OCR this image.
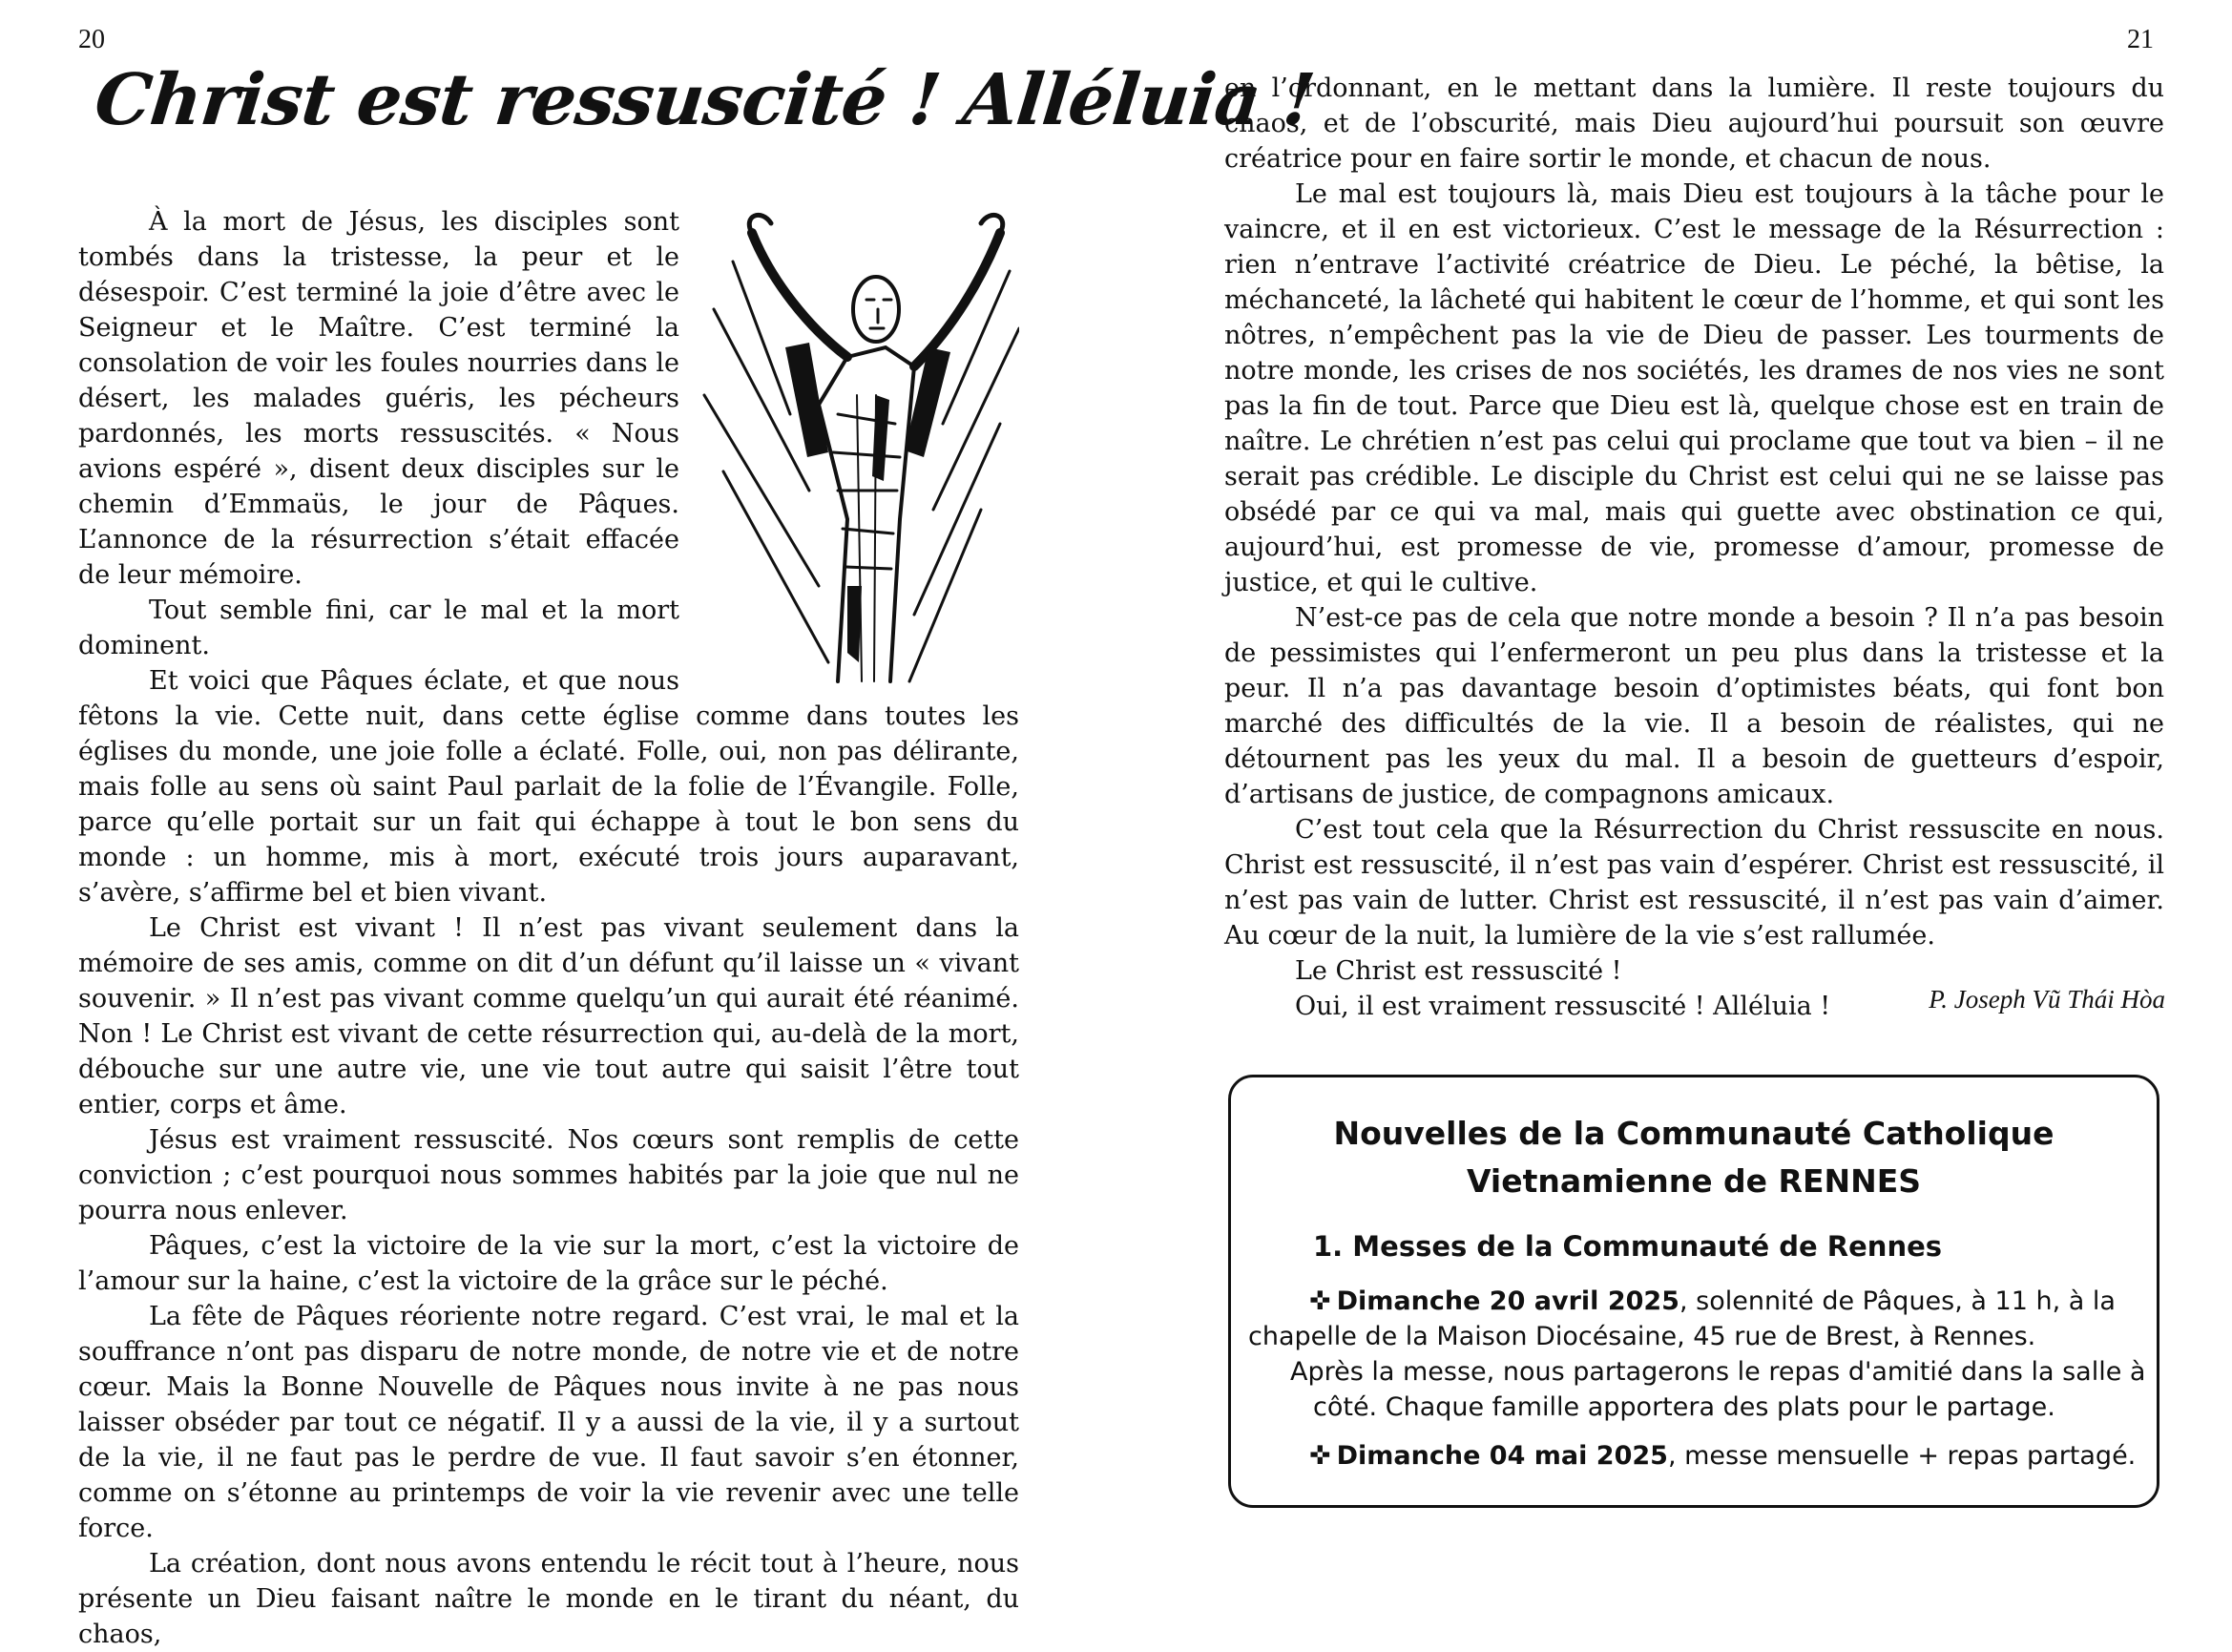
20
Christ est ressuscité ! Alléluia !

À la mort de Jésus, les disciples sont tombés dans la tristesse, la peur et le désespoir. C’est terminé la joie d’être avec le Seigneur et le Maître. C’est terminé la consolation de voir les foules nourries dans le désert, les malades guéris, les pécheurs pardonnés, les morts ressuscités. « Nous avions espéré », disent deux disciples sur le chemin d’Emmaüs, le jour de Pâques. L’annonce de la résurrection s’était effacée de leur mémoire.

Tout semble fini, car le mal et la mort dominent.

Et voici que Pâques éclate, et que nous fêtons la vie. Cette nuit, dans cette église comme dans toutes les églises du monde, une joie folle a éclaté. Folle, oui, non pas délirante, mais folle au sens où saint Paul parlait de la folie de l’Évangile. Folle, parce qu’elle portait sur un fait qui échappe à tout le bon sens du monde : un homme, mis à mort, exécuté trois jours auparavant, s’avère, s’affirme bel et bien vivant.

Le Christ est vivant ! Il n’est pas vivant seulement dans la mémoire de ses amis, comme on dit d’un défunt qu’il laisse un « vivant souvenir. » Il n’est pas vivant comme quelqu’un qui aurait été réanimé. Non ! Le Christ est vivant de cette résurrection qui, au-delà de la mort, débouche sur une autre vie, une vie tout autre qui saisit l’être tout entier, corps et âme.

Jésus est vraiment ressuscité. Nos cœurs sont remplis de cette conviction ; c’est pourquoi nous sommes habités par la joie que nul ne pourra nous enlever.

Pâques, c’est la victoire de la vie sur la mort, c’est la victoire de l’amour sur la haine, c’est la victoire de la grâce sur le péché.

La fête de Pâques réoriente notre regard. C’est vrai, le mal et la souffrance n’ont pas disparu de notre monde, de notre vie et de notre cœur. Mais la Bonne Nouvelle de Pâques nous invite à ne pas nous laisser obséder par tout ce négatif. Il y a aussi de la vie, il y a surtout de la vie, il ne faut pas le perdre de vue. Il faut savoir s’en étonner, comme on s’étonne au printemps de voir la vie revenir avec une telle force.

La création, dont nous avons entendu le récit tout à l’heure, nous présente un Dieu faisant naître le monde en le tirant du néant, du chaos,

21

en l’ordonnant, en le mettant dans la lumière. Il reste toujours du chaos, et de l’obscurité, mais Dieu aujourd’hui poursuit son œuvre créatrice pour en faire sortir le monde, et chacun de nous.

Le mal est toujours là, mais Dieu est toujours à la tâche pour le vaincre, et il en est victorieux. C’est le message de la Résurrection : rien n’entrave l’activité créatrice de Dieu. Le péché, la bêtise, la méchanceté, la lâcheté qui habitent le cœur de l’homme, et qui sont les nôtres, n’empêchent pas la vie de Dieu de passer. Les tourments de notre monde, les crises de nos sociétés, les drames de nos vies ne sont pas la fin de tout. Parce que Dieu est là, quelque chose est en train de naître. Le chrétien n’est pas celui qui proclame que tout va bien – il ne serait pas crédible. Le disciple du Christ est celui qui ne se laisse pas obsédé par ce qui va mal, mais qui guette avec obstination ce qui, aujourd’hui, est promesse de vie, promesse d’amour, promesse de justice, et qui le cultive.

N’est-ce pas de cela que notre monde a besoin ? Il n’a pas besoin de pessimistes qui l’enfermeront un peu plus dans la tristesse et la peur. Il n’a pas davantage besoin d’optimistes béats, qui font bon marché des difficultés de la vie. Il a besoin de réalistes, qui ne détournent pas les yeux du mal. Il a besoin de guetteurs d’espoir, d’artisans de justice, de compagnons amicaux.

C’est tout cela que la Résurrection du Christ ressuscite en nous. Christ est ressuscité, il n’est pas vain d’espérer. Christ est ressuscité, il n’est pas vain de lutter. Christ est ressuscité, il n’est pas vain d’aimer. Au cœur de la nuit, la lumière de la vie s’est rallumée.

Le Christ est ressuscité !

Oui, il est vraiment ressuscité ! Alléluia !	P. Joseph Vũ Thái Hòa
Nouvelles de la Communauté Catholique
Vietnamienne de RENNES
1. Messes de la Communauté de Rennes
✜ Dimanche 20 avril 2025, solennité de Pâques, à 11 h, à la chapelle de la Maison Diocésaine, 45 rue de Brest, à Rennes.
Après la messe, nous partagerons le repas d'amitié dans la salle à côté. Chaque famille apportera des plats pour le partage.
✜ Dimanche 04 mai 2025, messe mensuelle + repas partagé.
